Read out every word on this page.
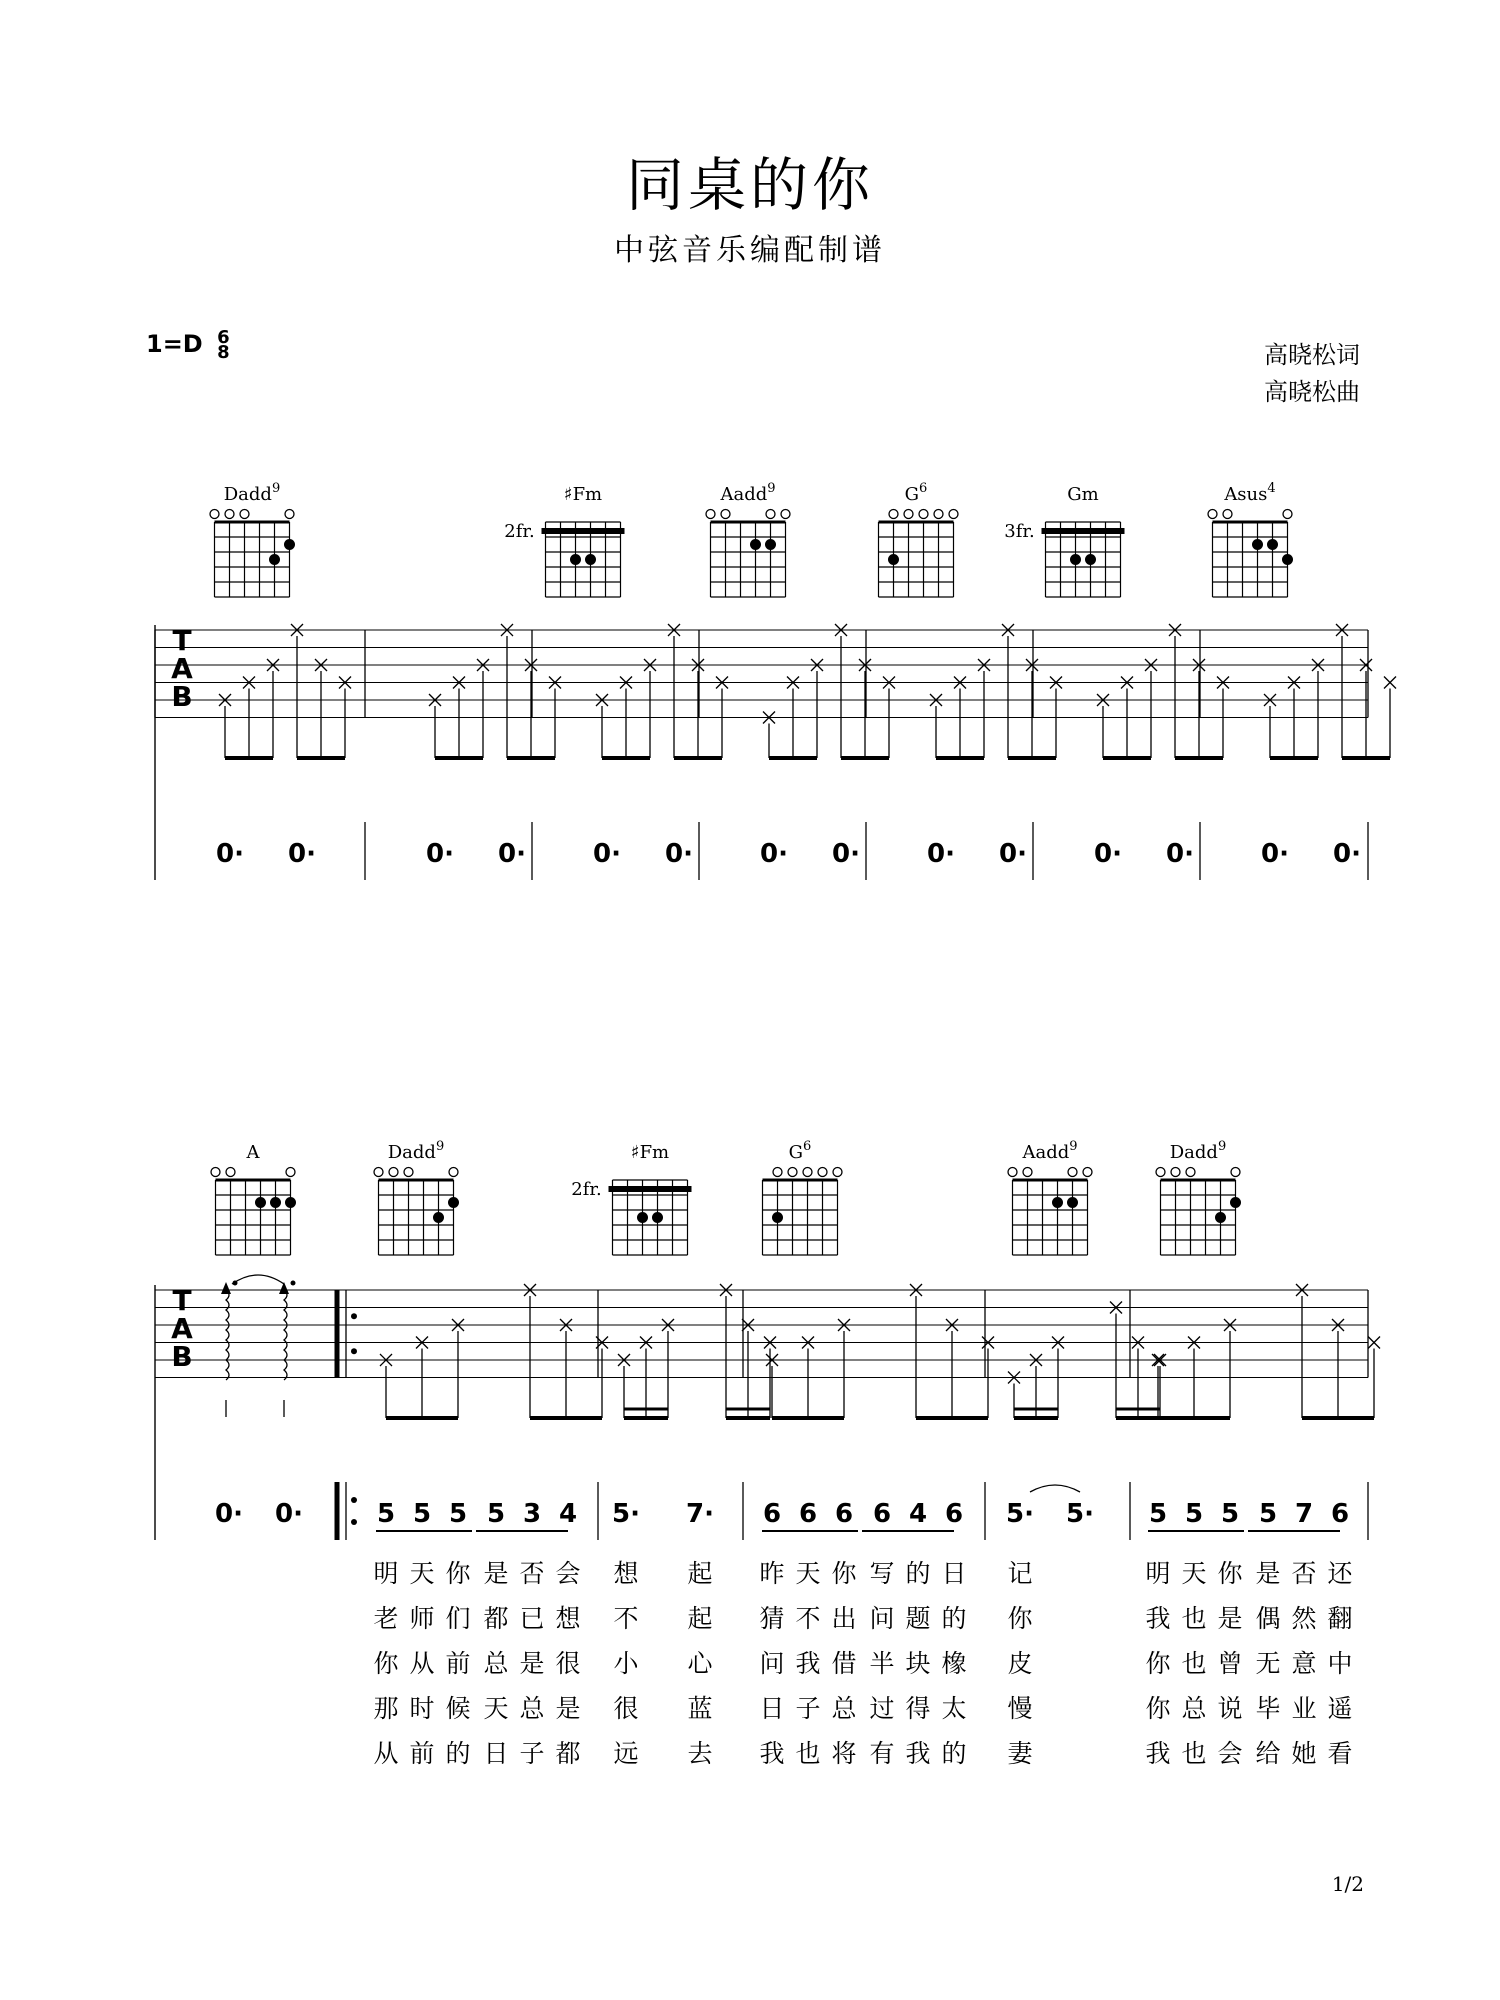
同桌的你
中弦音乐编配制谱
1=D 6
8	高晓松词
高晓松曲
1/2
Dadd$^9$	♯Fm
2fr.
Aadd$^9$	$G^6$	Gm
3fr.
Asus$^4$
T
A
B
0· 0·	0· 0·	0· 0·	0· 0·	0· 0·	0· 0·	0· 0·
A	Dadd$^9$	♯Fm
2fr.
$G^6$	Aadd$^9$	Dadd$^9$
T
A
B
0· 0·	5 5 5 5 3 4 5· 7· 6 6 6 6 4 6 5· 5· 5 5 5 5 7 6
明 天 你 是 否 会 想 起 昨 天 你 写 的 日 记	明 天 你 是 否 还
老 师 们 都 已 想 不 起 猜 不 出 问 题 的 你	我 也 是 偶 然 翻
你 从 前 总 是 很 小 心 问 我 借 半 块 橡 皮	你 也 曾 无 意 中
那 时 候 天 总 是 很 蓝 日 子 总 过 得 太 慢	你 总 说 毕 业 遥
从 前 的 日 子 都 远 去 我 也 将 有 我 的 妻	我 也 会 给 她 看
